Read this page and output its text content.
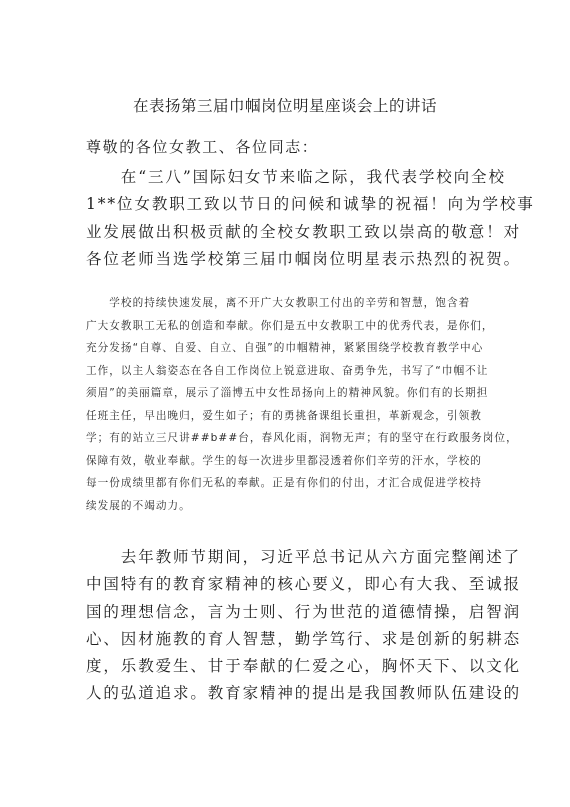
在表扬第三届巾帼岗位明星座谈会上的讲话
尊敬的各位女教工、各位同志：

　　在“三八”国际妇女节来临之际，我代表学校向全校
1**位女教职工致以节日的问候和诚挚的祝福！向为学校事
业发展做出积极贡献的全校女教职工致以崇高的敬意！对
各位老师当选学校第三届巾帼岗位明星表示热烈的祝贺。

　　学校的持续快速发展，离不开广大女教职工付出的辛劳和智慧，饱含着
广大女教职工无私的创造和奉献。你们是五中女教职工中的优秀代表，是你们，
充分发扬“自尊、自爱、自立、自强”的巾帼精神，紧紧围绕学校教育教学中心
工作，以主人翁姿态在各自工作岗位上锐意进取、奋勇争先，书写了“巾帼不让
须眉”的美丽篇章，展示了淄博五中女性昂扬向上的精神风貌。你们有的长期担
任班主任，早出晚归，爱生如子；有的勇挑备课组长重担，革新观念，引领教
学；有的站立三尺讲##b##台，春风化雨，润物无声；有的坚守在行政服务岗位，
保障有效，敬业奉献。学生的每一次进步里都浸透着你们辛劳的汗水，学校的
每一份成绩里都有你们无私的奉献。正是有你们的付出，才汇合成促进学校持
续发展的不竭动力。

　　去年教师节期间，习近平总书记从六方面完整阐述了
中国特有的教育家精神的核心要义，即心有大我、至诚报
国的理想信念，言为士则、行为世范的道德情操，启智润
心、因材施教的育人智慧，勤学笃行、求是创新的躬耕态
度，乐教爱生、甘于奉献的仁爱之心，胸怀天下、以文化
人的弘道追求。教育家精神的提出是我国教师队伍建设的
